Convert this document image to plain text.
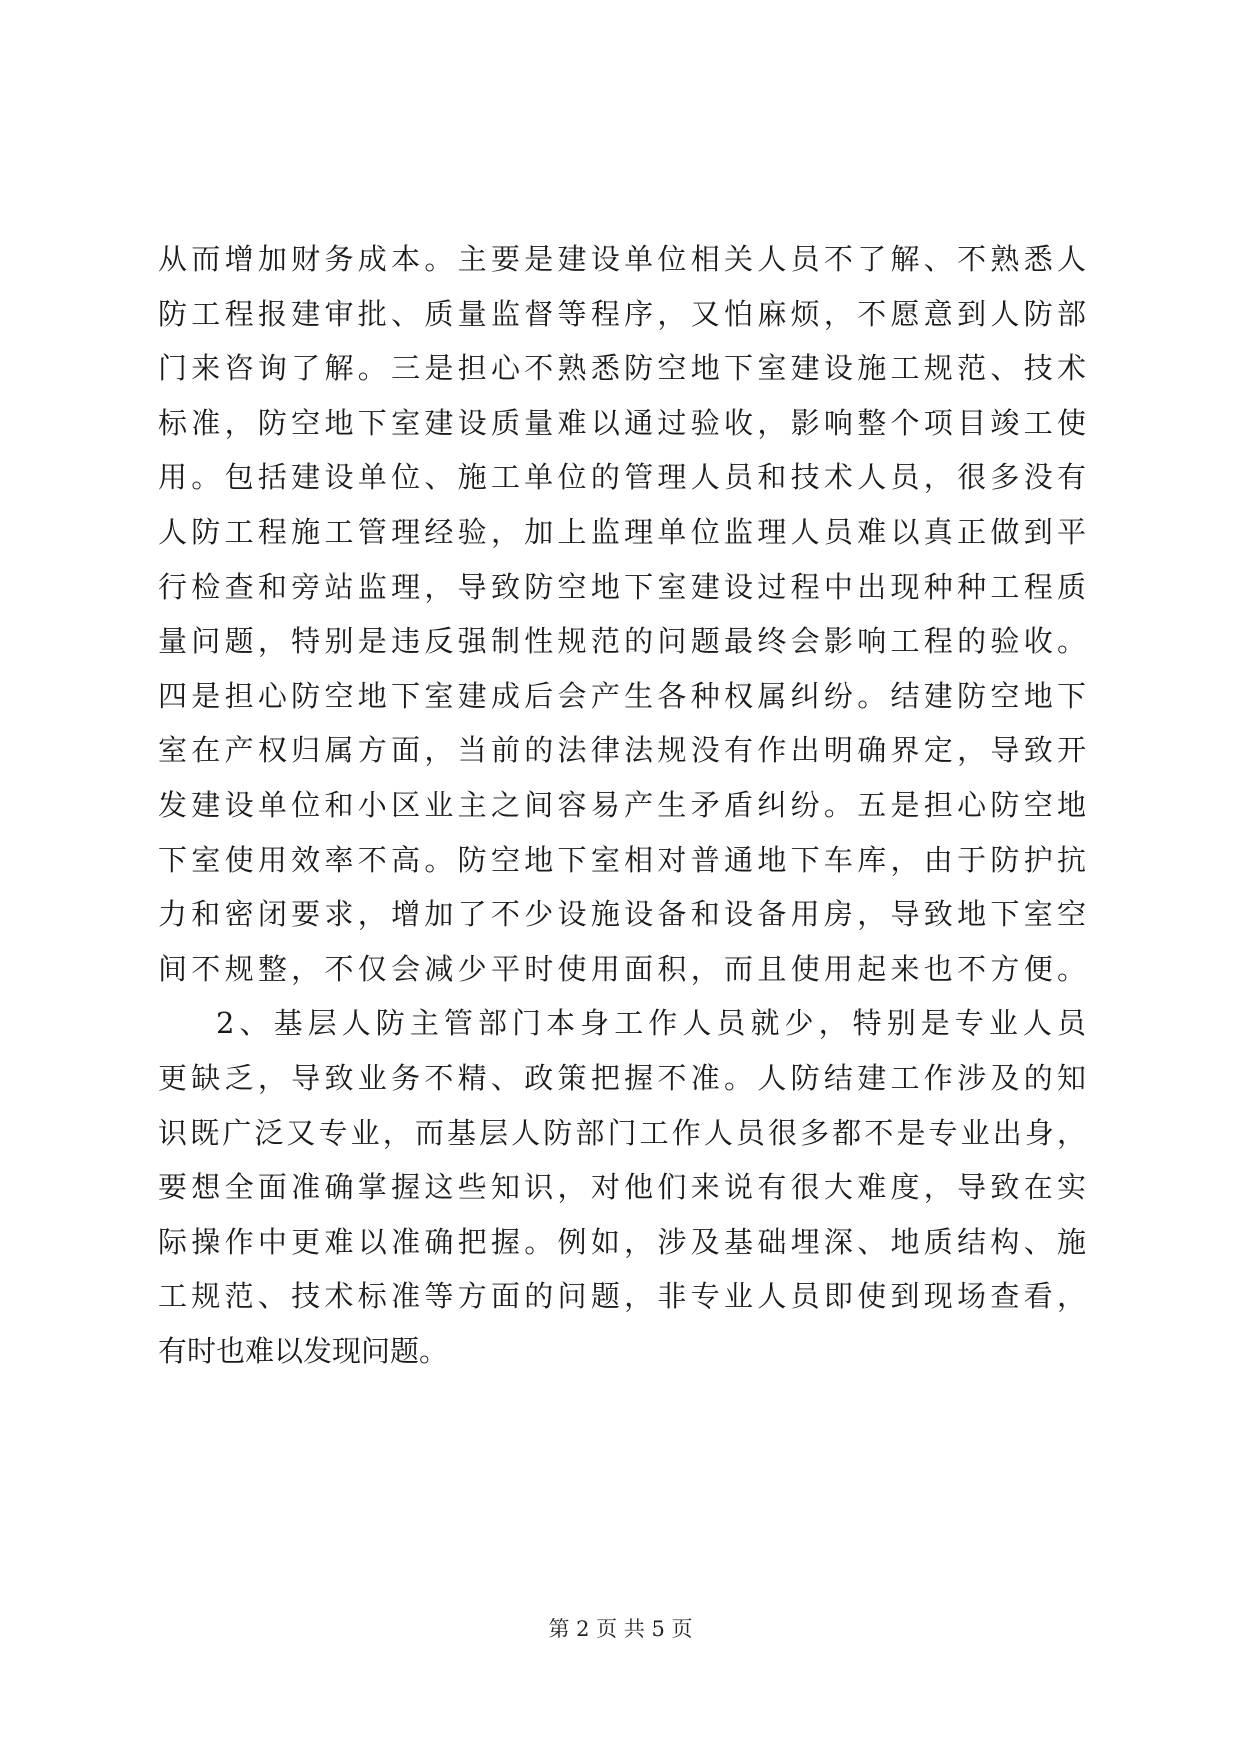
从而增加财务成本。主要是建设单位相关人员不了解、不熟悉人
防工程报建审批、质量监督等程序，又怕麻烦，不愿意到人防部
门来咨询了解。三是担心不熟悉防空地下室建设施工规范、技术
标准，防空地下室建设质量难以通过验收，影响整个项目竣工使
用。包括建设单位、施工单位的管理人员和技术人员，很多没有
人防工程施工管理经验，加上监理单位监理人员难以真正做到平
行检查和旁站监理，导致防空地下室建设过程中出现种种工程质
量问题，特别是违反强制性规范的问题最终会影响工程的验收。
四是担心防空地下室建成后会产生各种权属纠纷。结建防空地下
室在产权归属方面，当前的法律法规没有作出明确界定，导致开
发建设单位和小区业主之间容易产生矛盾纠纷。五是担心防空地
下室使用效率不高。防空地下室相对普通地下车库，由于防护抗
力和密闭要求，增加了不少设施设备和设备用房，导致地下室空
间不规整，不仅会减少平时使用面积，而且使用起来也不方便。
2、基层人防主管部门本身工作人员就少，特别是专业人员
更缺乏，导致业务不精、政策把握不准。人防结建工作涉及的知
识既广泛又专业，而基层人防部门工作人员很多都不是专业出身，
要想全面准确掌握这些知识，对他们来说有很大难度，导致在实
际操作中更难以准确把握。例如，涉及基础埋深、地质结构、施
工规范、技术标准等方面的问题，非专业人员即使到现场查看，
有时也难以发现问题。
第 2 页 共 5 页
